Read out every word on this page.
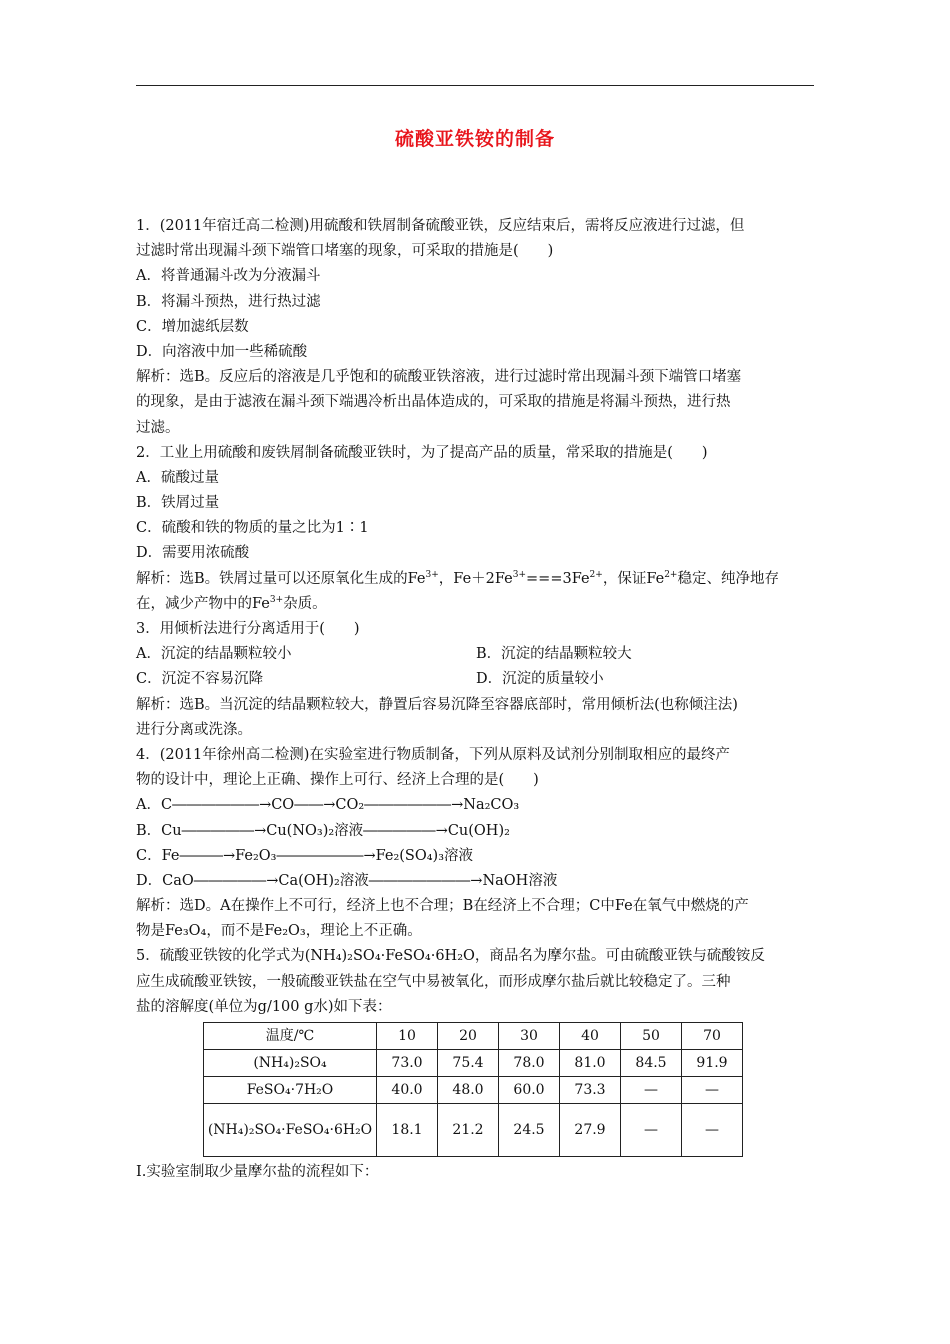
硫酸亚铁铵的制备
1．(2011年宿迁高二检测)用硫酸和铁屑制备硫酸亚铁，反应结束后，需将反应液进行过滤，但
过滤时常出现漏斗颈下端管口堵塞的现象，可采取的措施是(　　)
A．将普通漏斗改为分液漏斗
B．将漏斗预热，进行热过滤
C．增加滤纸层数
D．向溶液中加一些稀硫酸
解析：选B。反应后的溶液是几乎饱和的硫酸亚铁溶液，进行过滤时常出现漏斗颈下端管口堵塞
的现象，是由于滤液在漏斗颈下端遇冷析出晶体造成的，可采取的措施是将漏斗预热，进行热
过滤。
2．工业上用硫酸和废铁屑制备硫酸亚铁时，为了提高产品的质量，常采取的措施是(　　)
A．硫酸过量
B．铁屑过量
C．硫酸和铁的物质的量之比为1∶1
D．需要用浓硫酸
解析：选B。铁屑过量可以还原氧化生成的$Fe^{3+}$，$Fe+2Fe^{3+}===3Fe^{2+}$，保证$Fe^{2+}$稳定、纯净地存
在，减少产物中的$Fe^{3+}$杂质。
3．用倾析法进行分离适用于(　　)
A．沉淀的结晶颗粒较小	B．沉淀的结晶颗粒较大
C．沉淀不容易沉降	D．沉淀的质量较小
解析：选B。当沉淀的结晶颗粒较大，静置后容易沉降至容器底部时，常用倾析法(也称倾注法)
进行分离或洗涤。
4．(2011年徐州高二检测)在实验室进行物质制备，下列从原料及试剂分别制取相应的最终产
物的设计中，理论上正确、操作上可行、经济上合理的是(　　)
A．C――――――→CO――→CO₂――――――→Na₂CO₃
B．Cu―――――→Cu(NO₃)₂溶液―――――→Cu(OH)₂
C．Fe―――→Fe₂O₃――――――→Fe₂(SO₄)₃溶液
D．CaO―――――→Ca(OH)₂溶液―――――――→NaOH溶液
解析：选D。A在操作上不可行，经济上也不合理；B在经济上不合理；C中Fe在氧气中燃烧的产
物是Fe₃O₄，而不是Fe₂O₃，理论上不正确。
5．硫酸亚铁铵的化学式为(NH₄)₂SO₄·FeSO₄·6H₂O，商品名为摩尔盐。可由硫酸亚铁与硫酸铵反
应生成硫酸亚铁铵，一般硫酸亚铁盐在空气中易被氧化，而形成摩尔盐后就比较稳定了。三种
盐的溶解度(单位为g/100 g水)如下表：
温度/℃	10	20	30	40	50	70
(NH₄)₂SO₄	73.0	75.4	78.0	81.0	84.5	91.9
FeSO₄·7H₂O	40.0	48.0	60.0	73.3	—	—
(NH₄)₂SO₄·FeSO₄·6H₂O	18.1	21.2	24.5	27.9	—	—
Ⅰ.实验室制取少量摩尔盐的流程如下：
